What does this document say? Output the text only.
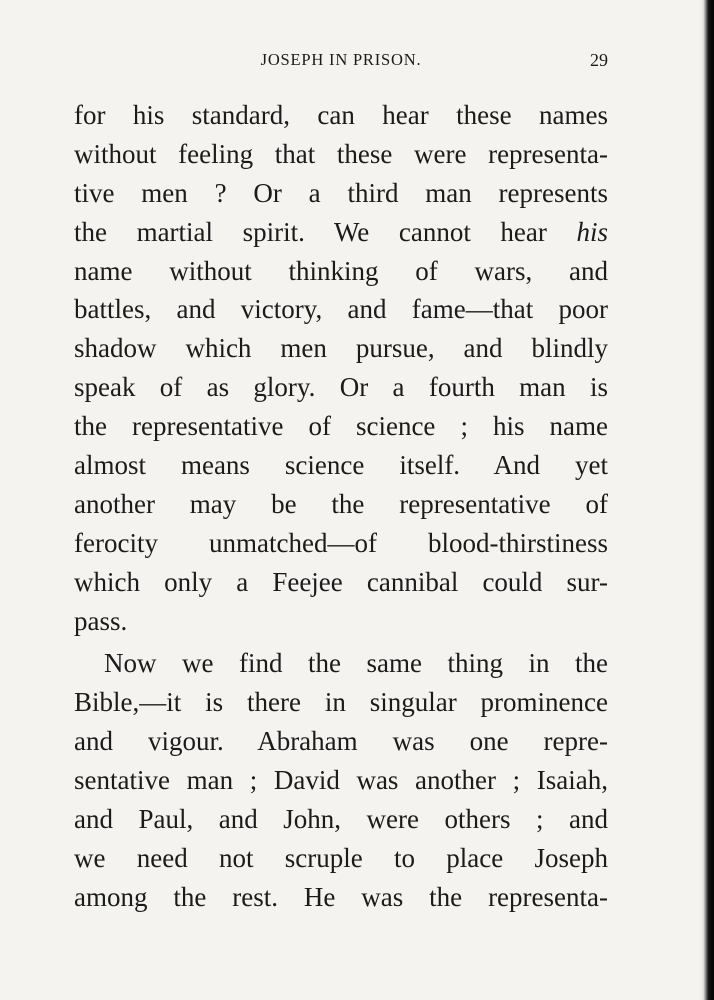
JOSEPH IN PRISON.	29
for his standard, can hear these names
without feeling that these were representa-
tive men ? Or a third man represents
the martial spirit. We cannot hear his
name without thinking of wars, and
battles, and victory, and fame—that poor
shadow which men pursue, and blindly
speak of as glory. Or a fourth man is
the representative of science ; his name
almost means science itself. And yet
another may be the representative of
ferocity unmatched—of blood-thirstiness
which only a Feejee cannibal could sur-
pass.
Now we find the same thing in the
Bible,—it is there in singular prominence
and vigour. Abraham was one repre-
sentative man ; David was another ; Isaiah,
and Paul, and John, were others ; and
we need not scruple to place Joseph
among the rest. He was the representa-
